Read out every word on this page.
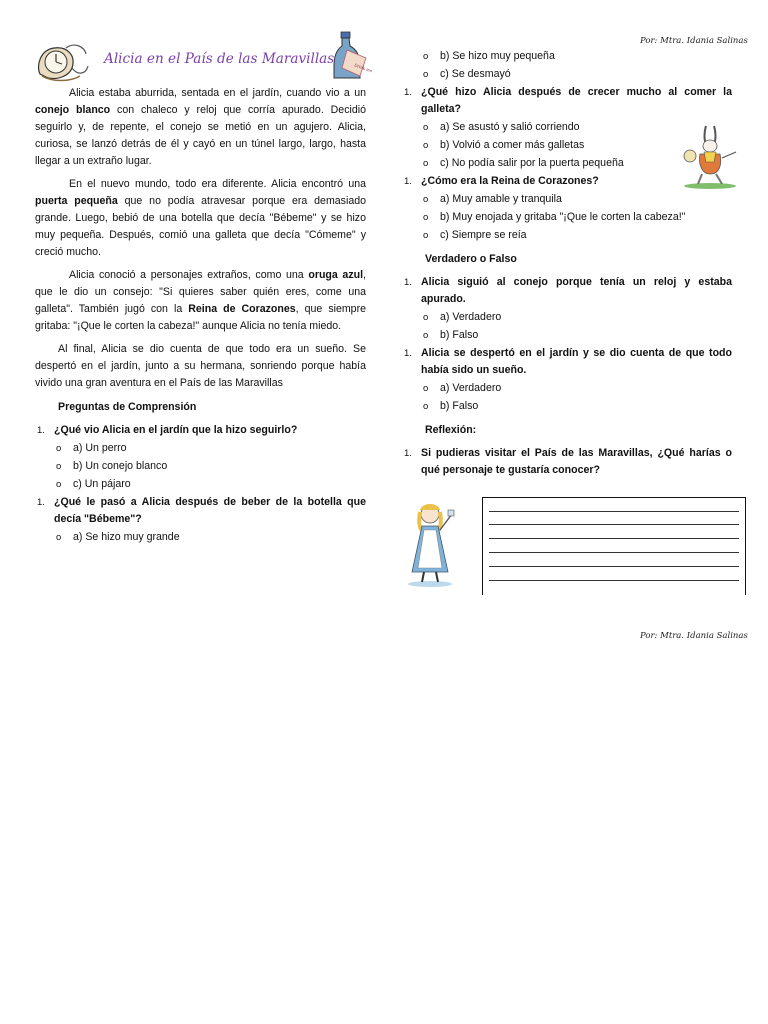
Por: Mtra. Idania Salinas
Por: Mtra. Idania Salinas
Alicia en el País de las Maravillas
Drink me

Alicia estaba aburrida, sentada en el jardín, cuando vio a un conejo blanco con chaleco y reloj que corría apurado. Decidió seguirlo y, de repente, el conejo se metió en un agujero. Alicia, curiosa, se lanzó detrás de él y cayó en un túnel largo, largo, hasta llegar a un extraño lugar.

En el nuevo mundo, todo era diferente. Alicia encontró una puerta pequeña que no podía atravesar porque era demasiado grande. Luego, bebió de una botella que decía "Bébeme" y se hizo muy pequeña. Después, comió una galleta que decía "Cómeme" y creció mucho.

Alicia conoció a personajes extraños, como una oruga azul, que le dio un consejo: "Si quieres saber quién eres, come una galleta". También jugó con la Reina de Corazones, que siempre gritaba: "¡Que le corten la cabeza!" aunque Alicia no tenía miedo.

Al final, Alicia se dio cuenta de que todo era un sueño. Se despertó en el jardín, junto a su hermana, sonriendo porque había vivido una gran aventura en el País de las Maravillas

Preguntas de Comprensión

1. ¿Qué vio Alicia en el jardín que la hizo seguirlo?
o a) Un perro
o b) Un conejo blanco
o c) Un pájaro
1. ¿Qué le pasó a Alicia después de beber de la botella que decía "Bébeme"?
o a) Se hizo muy grande
o b) Se hizo muy pequeña
o c) Se desmayó
1. ¿Qué hizo Alicia después de crecer mucho al comer la galleta?
o a) Se asustó y salió corriendo
o b) Volvió a comer más galletas
o c) No podía salir por la puerta pequeña
1. ¿Cómo era la Reina de Corazones?
o a) Muy amable y tranquila
o b) Muy enojada y gritaba "¡Que le corten la cabeza!"
o c) Siempre se reía

Verdadero o Falso

1. Alicia siguió al conejo porque tenía un reloj y estaba apurado.
o a) Verdadero
o b) Falso
1. Alicia se despertó en el jardín y se dio cuenta de que todo había sido un sueño.
o a) Verdadero
o b) Falso

Reflexión:

1. Si pudieras visitar el País de las Maravillas, ¿Qué harías o qué personaje te gustaría conocer?
